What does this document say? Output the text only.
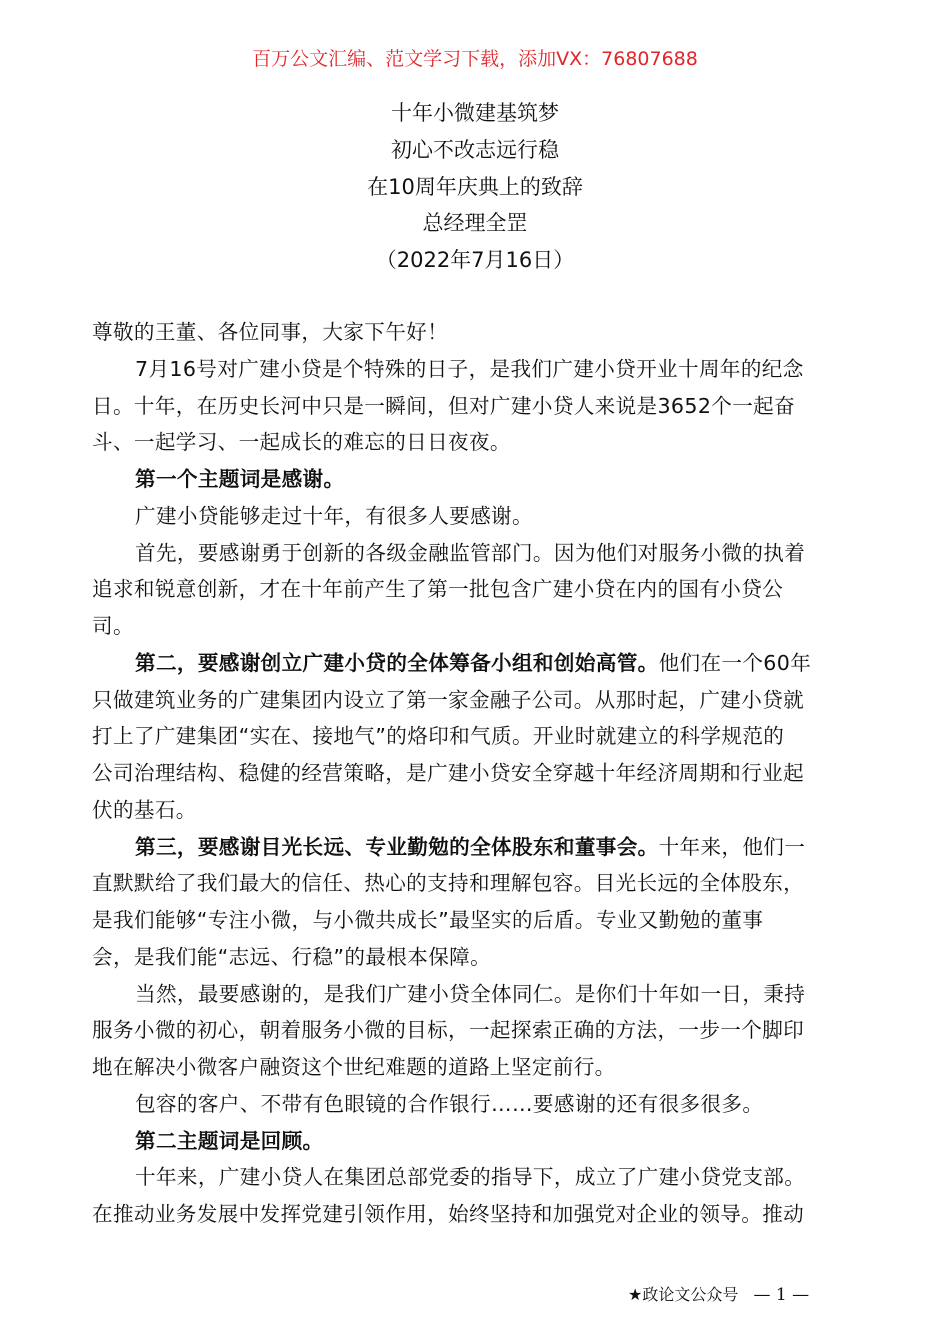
百万公文汇编、范文学习下载，添加VX：76807688
十年小微建基筑梦
初心不改志远行稳
在10周年庆典上的致辞
总经理全罡
（2022年7月16日）
尊敬的王董、各位同事，大家下午好！
7月16号对广建小贷是个特殊的日子，是我们广建小贷开业十周年的纪念
日。十年，在历史长河中只是一瞬间，但对广建小贷人来说是3652个一起奋
斗、一起学习、一起成长的难忘的日日夜夜。
第一个主题词是感谢。
广建小贷能够走过十年，有很多人要感谢。
首先，要感谢勇于创新的各级金融监管部门。因为他们对服务小微的执着
追求和锐意创新，才在十年前产生了第一批包含广建小贷在内的国有小贷公
司。
第二，要感谢创立广建小贷的全体筹备小组和创始高管。他们在一个60年
只做建筑业务的广建集团内设立了第一家金融子公司。从那时起，广建小贷就
打上了广建集团“实在、接地气”的烙印和气质。开业时就建立的科学规范的
公司治理结构、稳健的经营策略，是广建小贷安全穿越十年经济周期和行业起
伏的基石。
第三，要感谢目光长远、专业勤勉的全体股东和董事会。十年来，他们一
直默默给了我们最大的信任、热心的支持和理解包容。目光长远的全体股东，
是我们能够“专注小微，与小微共成长”最坚实的后盾。专业又勤勉的董事
会，是我们能“志远、行稳”的最根本保障。
当然，最要感谢的，是我们广建小贷全体同仁。是你们十年如一日，秉持
服务小微的初心，朝着服务小微的目标，一起探索正确的方法，一步一个脚印
地在解决小微客户融资这个世纪难题的道路上坚定前行。
包容的客户、不带有色眼镜的合作银行……要感谢的还有很多很多。
第二主题词是回顾。
十年来，广建小贷人在集团总部党委的指导下，成立了广建小贷党支部。
在推动业务发展中发挥党建引领作用，始终坚持和加强党对企业的领导。推动
★政论文公众号 — 1 —
